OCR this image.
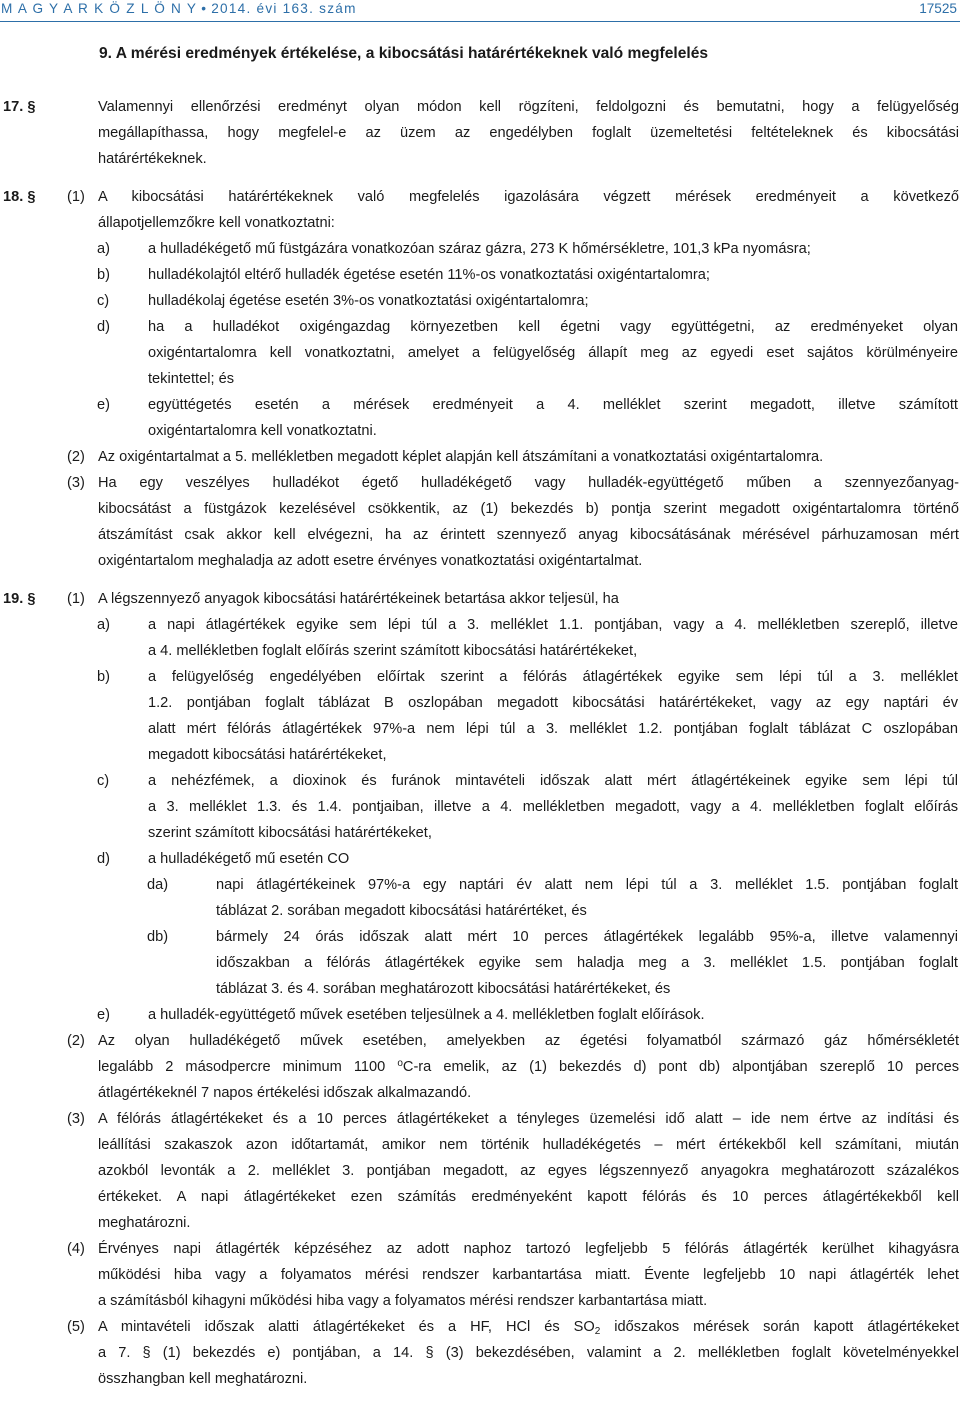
M A G Y A R K Ö Z L Ö N Y • 2014. évi 163. szám	17525
9. A mérési eredmények értékelése, a kibocsátási határértékeknek való megfelelés
17. §	Valamennyi ellenőrzési eredményt olyan módon kell rögzíteni, feldolgozni és bemutatni, hogy a felügyelőség
megállapíthassa, hogy megfelel-e az üzem az engedélyben foglalt üzemeltetési feltételeknek és kibocsátási
határértékeknek.
18. § (1) A kibocsátási határértékeknek való megfelelés igazolására végzett mérések eredményeit a következő
állapotjellemzőkre kell vonatkoztatni:
a)	a hulladékégető mű füstgázára vonatkozóan száraz gázra, 273 K hőmérsékletre, 101,3 kPa nyomásra;
b)	hulladékolajtól eltérő hulladék égetése esetén 11%-os vonatkoztatási oxigéntartalomra;
c)	hulladékolaj égetése esetén 3%-os vonatkoztatási oxigéntartalomra;
d)	ha a hulladékot oxigéngazdag környezetben kell égetni vagy együttégetni, az eredményeket olyan
oxigéntartalomra kell vonatkoztatni, amelyet a felügyelőség állapít meg az egyedi eset sajátos körülményeire
tekintettel; és
e)	együttégetés esetén a mérések eredményeit a 4. melléklet szerint megadott, illetve számított
oxigéntartalomra kell vonatkoztatni.
(2) Az oxigéntartalmat a 5. mellékletben megadott képlet alapján kell átszámítani a vonatkoztatási oxigéntartalomra.
(3) Ha egy veszélyes hulladékot égető hulladékégető vagy hulladék-együttégető műben a szennyezőanyag-
kibocsátást a füstgázok kezelésével csökkentik, az (1) bekezdés b) pontja szerint megadott oxigéntartalomra történő
átszámítást csak akkor kell elvégezni, ha az érintett szennyező anyag kibocsátásának mérésével párhuzamosan mért
oxigéntartalom meghaladja az adott esetre érvényes vonatkoztatási oxigéntartalmat.
19. § (1) A légszennyező anyagok kibocsátási határértékeinek betartása akkor teljesül, ha
a)	a napi átlagértékek egyike sem lépi túl a 3. melléklet 1.1. pontjában, vagy a 4. mellékletben szereplő, illetve
a 4. mellékletben foglalt előírás szerint számított kibocsátási határértékeket,
b)	a felügyelőség engedélyében előírtak szerint a félórás átlagértékek egyike sem lépi túl a 3. melléklet
1.2. pontjában foglalt táblázat B oszlopában megadott kibocsátási határértékeket, vagy az egy naptári év
alatt mért félórás átlagértékek 97%-a nem lépi túl a 3. melléklet 1.2. pontjában foglalt táblázat C oszlopában
megadott kibocsátási határértékeket,
c)	a nehézfémek, a dioxinok és furánok mintavételi időszak alatt mért átlagértékeinek egyike sem lépi túl
a 3. melléklet 1.3. és 1.4. pontjaiban, illetve a 4. mellékletben megadott, vagy a 4. mellékletben foglalt előírás
szerint számított kibocsátási határértékeket,
d)	a hulladékégető mű esetén CO
da)	napi átlagértékeinek 97%-a egy naptári év alatt nem lépi túl a 3. melléklet 1.5. pontjában foglalt
táblázat 2. sorában megadott kibocsátási határértéket, és
db)	bármely 24 órás időszak alatt mért 10 perces átlagértékek legalább 95%-a, illetve valamennyi
időszakban a félórás átlagértékek egyike sem haladja meg a 3. melléklet 1.5. pontjában foglalt
táblázat 3. és 4. sorában meghatározott kibocsátási határértékeket, és
e)	a hulladék-együttégető művek esetében teljesülnek a 4. mellékletben foglalt előírások.
(2) Az olyan hulladékégető művek esetében, amelyekben az égetési folyamatból származó gáz hőmérsékletét
legalább 2 másodpercre minimum 1100 $^o$C-ra emelik, az (1) bekezdés d) pont db) alpontjában szereplő 10 perces
átlagértékeknél 7 napos értékelési időszak alkalmazandó.
(3) A félórás átlagértékeket és a 10 perces átlagértékeket a tényleges üzemelési idő alatt – ide nem értve az indítási és
leállítási szakaszok azon időtartamát, amikor nem történik hulladékégetés – mért értékekből kell számítani, miután
azokból levonták a 2. melléklet 3. pontjában megadott, az egyes légszennyező anyagokra meghatározott százalékos
értékeket. A napi átlagértékeket ezen számítás eredményeként kapott félórás és 10 perces átlagértékekből kell
meghatározni.
(4) Érvényes napi átlagérték képzéséhez az adott naphoz tartozó legfeljebb 5 félórás átlagérték kerülhet kihagyásra
működési hiba vagy a folyamatos mérési rendszer karbantartása miatt. Évente legfeljebb 10 napi átlagérték lehet
a számításból kihagyni működési hiba vagy a folyamatos mérési rendszer karbantartása miatt.
(5) A mintavételi időszak alatti átlagértékeket és a HF, HCl és $SO_2$ időszakos mérések során kapott átlagértékeket
a 7. § (1) bekezdés e) pontjában, a 14. § (3) bekezdésében, valamint a 2. mellékletben foglalt követelményekkel
összhangban kell meghatározni.
